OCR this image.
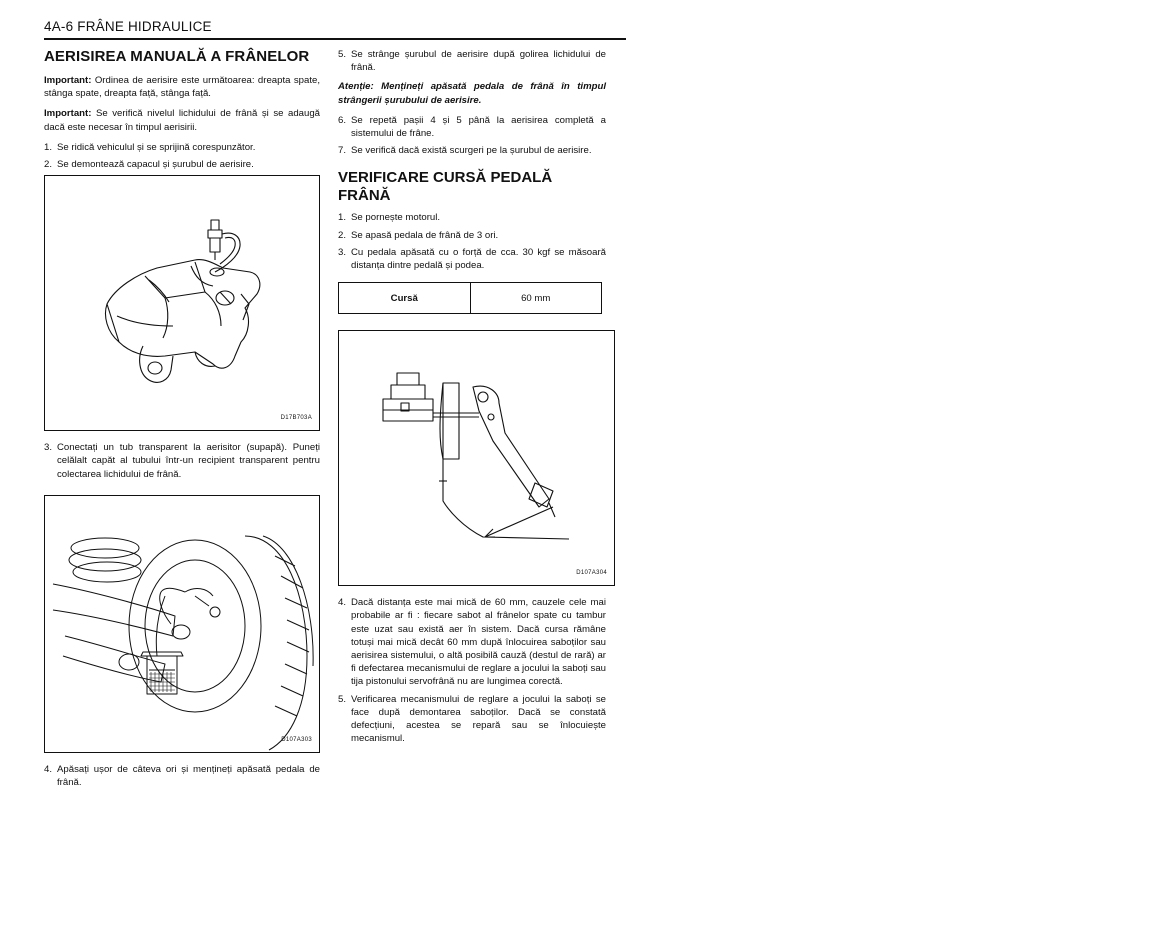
4A-6 FRÂNE HIDRAULICE
AERISIREA MANUALĂ A FRÂNELOR

Important: Ordinea de aerisire este următoarea: dreapta spate, stânga spate, dreapta față, stânga față.

Important: Se verifică nivelul lichidului de frână și se adaugă dacă este necesar în timpul aerisirii.

1. Se ridică vehiculul și se sprijină corespunzător.
2. Se demontează capacul și șurubul de aerisire.
D17B703A
3. Conectați un tub transparent la aerisitor (supapă). Puneți celălalt capăt al tubului într-un recipient transparent pentru colectarea lichidului de frână.
D107A303
4. Apăsați ușor de câteva ori și mențineți apăsată pedala de frână.
5. Se strânge șurubul de aerisire după golirea lichidului de frână.

Atenție: Mențineți apăsată pedala de frână în timpul strângerii șurubului de aerisire.

6. Se repetă pașii 4 și 5 până la aerisirea completă a sistemului de frâne.
7. Se verifică dacă există scurgeri pe la șurubul de aerisire.
VERIFICARE CURSĂ PEDALĂ FRÂNĂ
1. Se pornește motorul.
2. Se apasă pedala de frână de 3 ori.
3. Cu pedala apăsată cu o forță de cca. 30 kgf se măsoară distanța dintre pedală și podea.
Cursă	60 mm
D107A304
4. Dacă distanța este mai mică de 60 mm, cauzele cele mai probabile ar fi : fiecare sabot al frânelor spate cu tambur este uzat sau există aer în sistem. Dacă cursa rămâne totuși mai mică decât 60 mm după înlocuirea saboților sau aerisirea sistemului, o altă posibilă cauză (destul de rară) ar fi defectarea mecanismului de reglare a jocului la saboți sau tija pistonului servofrânǎ nu are lungimea corectă.
5. Verificarea mecanismului de reglare a jocului la saboți se face după demontarea saboților. Dacă se constată defecțiuni, acestea se repară sau se înlocuiește mecanismul.
